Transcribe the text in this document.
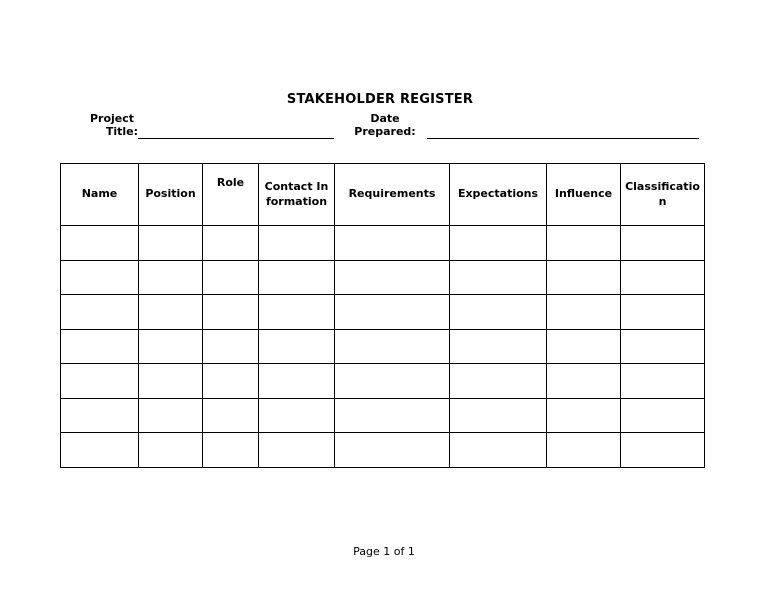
STAKEHOLDER REGISTER
Project
Title:
Date
Prepared:
Name	Position	Role	Contact Information	Requirements	Expectations	Influence	Classification

Page 1 of 1
